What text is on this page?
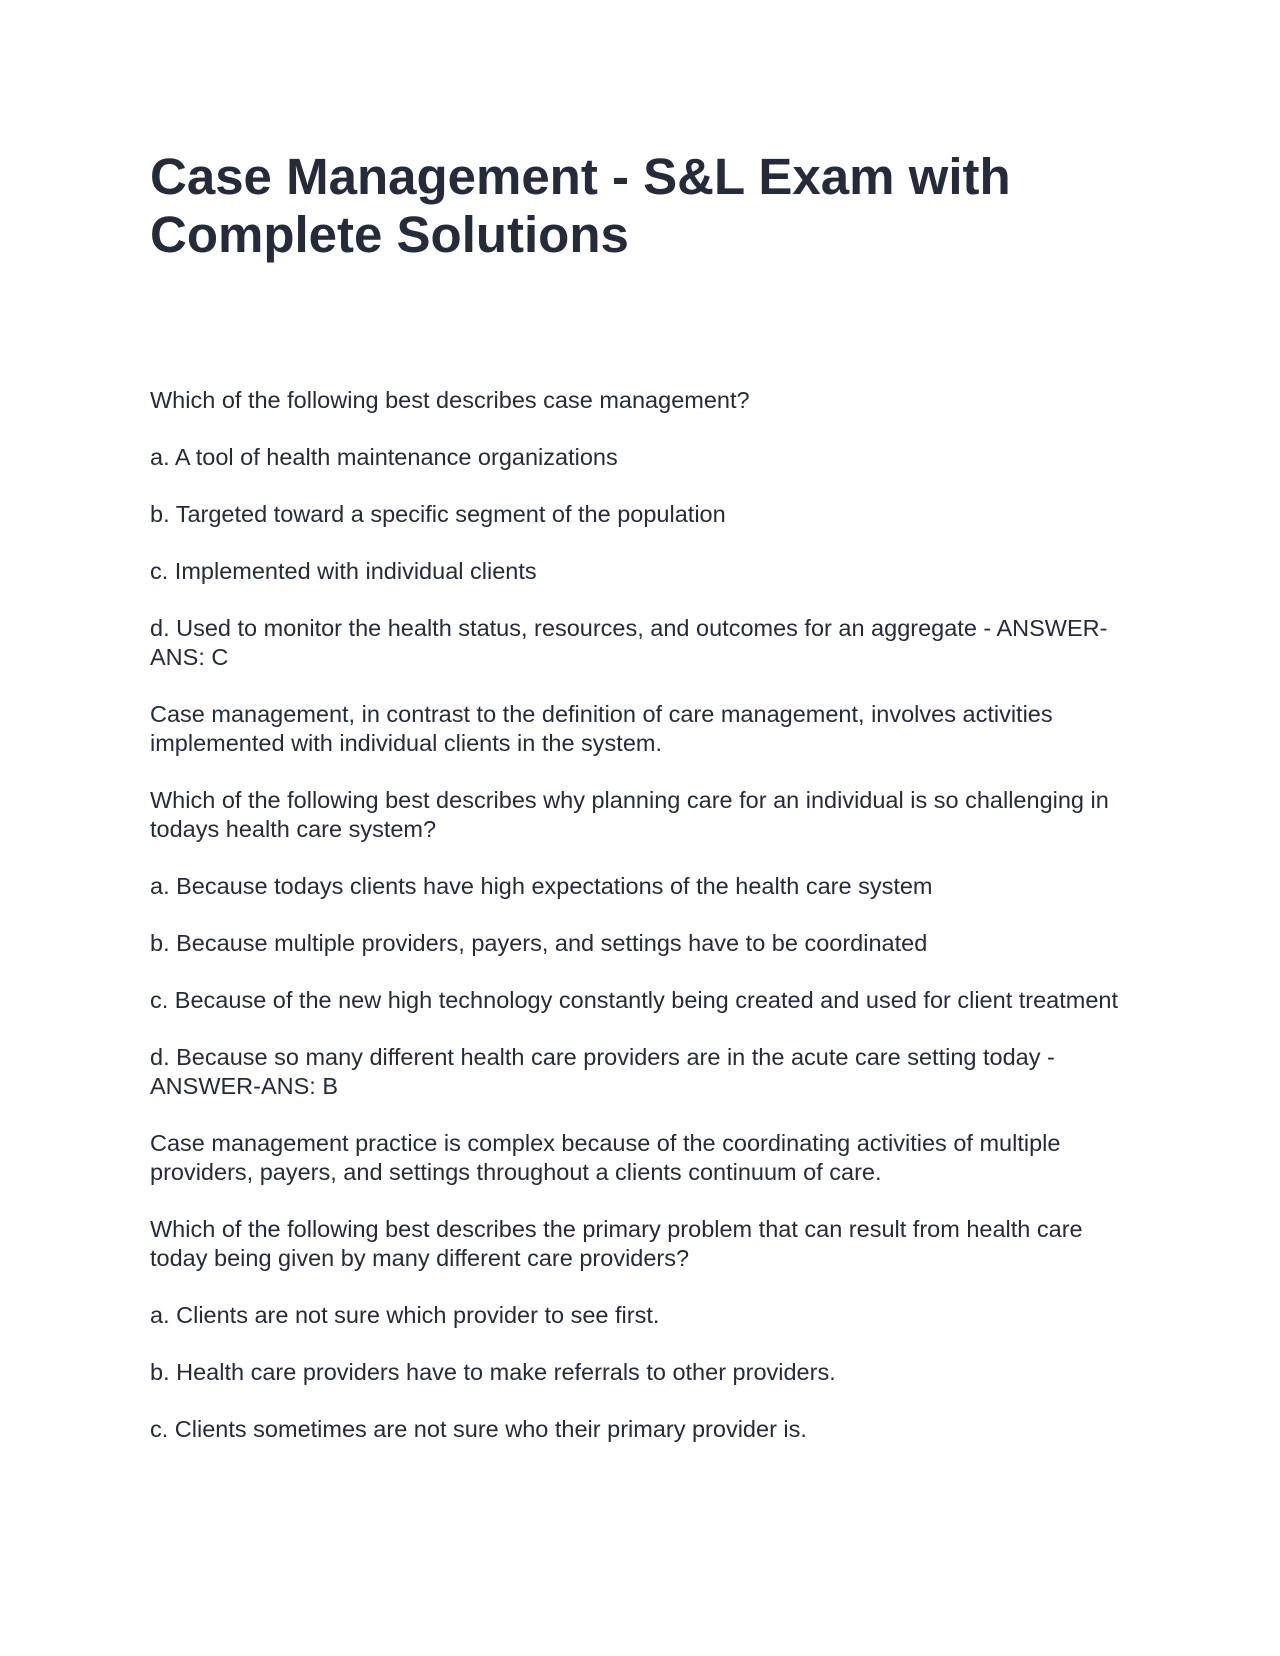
Case Management - S&L Exam with
Complete Solutions

Which of the following best describes case management?

a. A tool of health maintenance organizations

b. Targeted toward a specific segment of the population

c. Implemented with individual clients

d. Used to monitor the health status, resources, and outcomes for an aggregate - ANSWER-ANS: C

Case management, in contrast to the definition of care management, involves activities implemented with individual clients in the system.

Which of the following best describes why planning care for an individual is so challenging in todays health care system?

a. Because todays clients have high expectations of the health care system

b. Because multiple providers, payers, and settings have to be coordinated

c. Because of the new high technology constantly being created and used for client treatment

d. Because so many different health care providers are in the acute care setting today - ANSWER-ANS: B

Case management practice is complex because of the coordinating activities of multiple providers, payers, and settings throughout a clients continuum of care.

Which of the following best describes the primary problem that can result from health care today being given by many different care providers?

a. Clients are not sure which provider to see first.

b. Health care providers have to make referrals to other providers.

c. Clients sometimes are not sure who their primary provider is.
